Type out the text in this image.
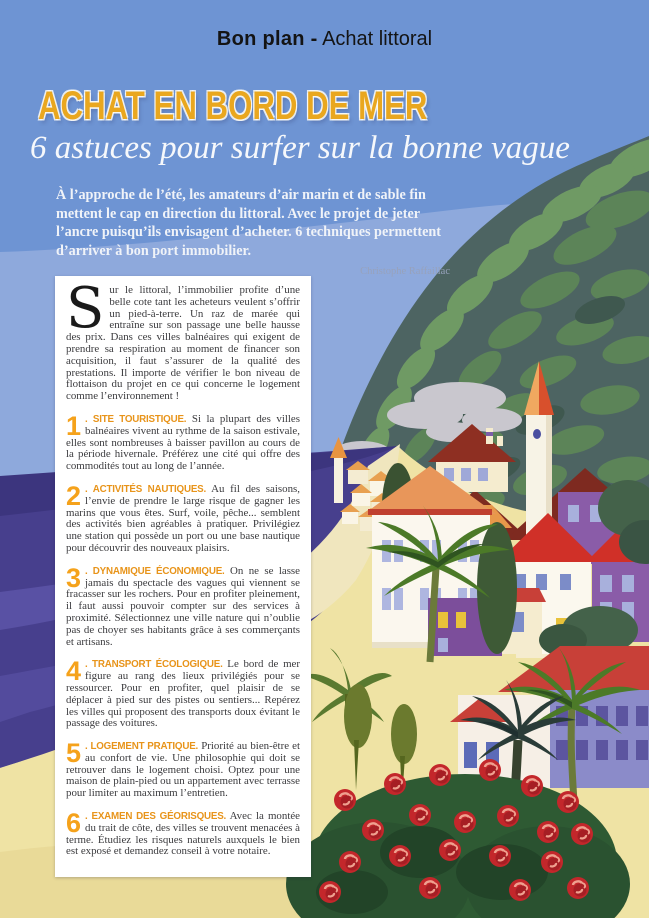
Bon plan - Achat littoral
ACHAT EN BORD DE MER
6 astuces pour surfer sur la bonne vague

À l’approche de l’été, les amateurs d’air marin et de sable fin mettent le cap en direction du littoral. Avec le projet de jeter l’ancre puisqu’ils envisagent d’acheter. 6 techniques permettent d’arriver à bon port immobilier.

Christophe Raffaillac

Sur le littoral, l’immobilier profite d’une belle cote tant les acheteurs veulent s’offrir un pied-à-terre. Un raz de marée qui entraîne sur son passage une belle hausse des prix. Dans ces villes balnéaires qui exigent de prendre sa respiration au moment de financer son acquisition, il faut s’assurer de la qualité des prestations. Il importe de vérifier le bon niveau de flottaison du projet en ce qui concerne le logement comme l’environnement !

1 . SITE TOURISTIQUE. Si la plupart des villes balnéaires vivent au rythme de la saison estivale, elles sont nombreuses à baisser pavillon au cours de la période hivernale. Préférez une cité qui offre des commodités tout au long de l’année.

2 . ACTIVITÉS NAUTIQUES. Au fil des saisons, l’envie de prendre le large risque de gagner les marins que vous êtes. Surf, voile, pêche... semblent des activités bien agréables à pratiquer. Privilégiez une station qui possède un port ou une base nautique pour découvrir des nouveaux plaisirs.

3 . DYNAMIQUE ÉCONOMIQUE. On ne se lasse jamais du spectacle des vagues qui viennent se fracasser sur les rochers. Pour en profiter pleinement, il faut aussi pouvoir compter sur des services à proximité. Sélectionnez une ville nature qui n’oublie pas de choyer ses habitants grâce à ses commerçants et artisans.

4 . TRANSPORT ÉCOLOGIQUE. Le bord de mer figure au rang des lieux privilégiés pour se ressourcer. Pour en profiter, quel plaisir de se déplacer à pied sur des pistes ou sentiers... Repérez les villes qui proposent des transports doux évitant le passage des voitures.

5 . LOGEMENT PRATIQUE. Priorité au bien-être et au confort de vie. Une philosophie qui doit se retrouver dans le logement choisi. Optez pour une maison de plain-pied ou un appartement avec terrasse pour limiter au maximum l’entretien.

6 . EXAMEN DES GÉORISQUES. Avec la montée du trait de côte, des villes se trouvent menacées à terme. Étudiez les risques naturels auxquels le bien est exposé et demandez conseil à votre notaire.
